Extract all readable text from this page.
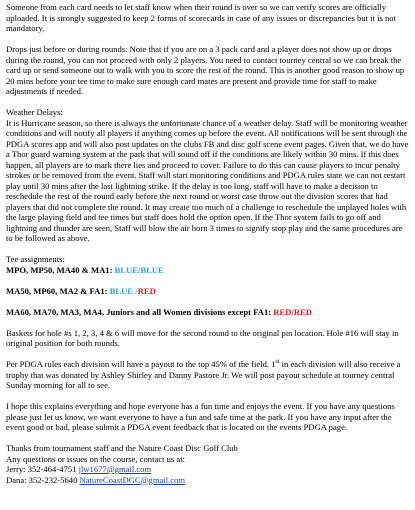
Someone from each card needs to let staff know when their round is over so we can verify scores are officially uploaded. It is strongly suggested to keep 2 forms of scorecards in case of any issues or discrepancies but it is not mandatory.

Drops just before or during rounds: Note that if you are on a 3 pack card and a player does not show up or drops during the round, you can not proceed with only 2 players. You need to contact tourney central so we can break the card up or send someone out to walk with you to score the rest of the round. This is another good reason to show up 20 mins before your tee time to make sure enough card mates are present and provide time for staff to make adjustments if needed.

Weather Delays:
It is Hurricane season, so there is always the unfortunate chance of a weather delay. Staff will be monitoring weather conditions and will notify all players if anything comes up before the event. All notifications will be sent through the PDGA scores app and will also post updates on the clubs FB and disc golf scene event pages. Given that, we do have a Thor guard warning system at the park that will sound off if the conditions are likely within 30 mins. If this does happen, all players are to mark there lies and proceed to cover. Failure to do this can cause players to incur penalty strokes or be removed from the event. Staff will start monitoring conditions and PDGA rules state we can not restart play until 30 mins after the last lightning strike. If the delay is too long, staff will have to make a decision to reschedule the rest of the round early before the next round or worst case throw out the division scores that had players that did not complete the round. It may create too much of a challenge to reschedule the unplayed holes with the large playing field and tee times but staff does hold the option open. If the Thor system fails to go off and lightning and thunder are seen, Staff will blow the air horn 3 times to signify stop play and the same procedures are to be followed as above.

Tee assignments:

MPO, MP50, MA40 & MA1: BLUE/BLUE

MA50, MP60, MA2 & FA1: BLUE /RED

MA60, MA70, MA3, MA4, Juniors and all Women divisions except FA1: RED/RED

Baskets for hole #s 1, 2, 3, 4 & 6 will move for the second round to the original pin location. Hole #16 will stay in original position for both rounds.

Per PDGA rules each division will have a payout to the top 45% of the field. 1st in each division will also receive a trophy that was donated by Ashley Shirley and Danny Pastore Jr. We will post payout schedule at tourney central Sunday morning for all to see.

I hope this explains everything and hope everyone has a fun time and enjoys the event. If you have any questions please just let us know, we want everyone to have a fun and safe time at the park. If you have any input after the event good or bad, please submit a PDGA event feedback that is located on the events PDGA page.

Thanks from tournament staff and the Nature Coast Disc Golf Club

Any questions or issues on the course, contact us at:

Jerry: 352-464-4751 jlw1677@gmail.com

Dana: 352-232-5640 NatureCoastDGC@gmail.com
